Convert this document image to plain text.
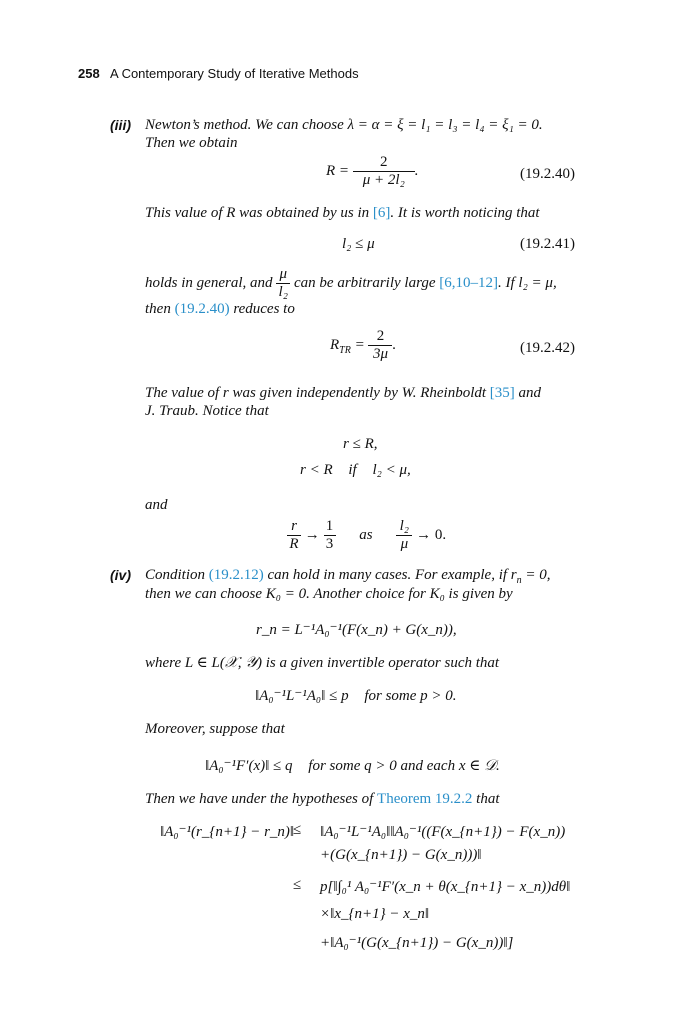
258 A Contemporary Study of Iterative Methods
(iii) Newton’s method. We can choose λ = α = ξ = l₁ = l₃ = l₄ = ξ₁ = 0.
Then we obtain
$R = \frac{2}{\text{μ + 2l₂}}$ .	(19.2.40)
This value of R was obtained by us in [6]. It is worth noticing that
l₂ ≤ μ	(19.2.41)
holds in general, and $\frac{\mu}{\text{l₂}}$ can be arbitrarily large [6,10–12]. If l₂ = μ,
then (19.2.40) reduces to
$R_{TR} = \frac{2}{3\mu}$ .	(19.2.42)
The value of r was given independently by W. Rheinboldt [35] and
J. Traub. Notice that
r ≤ R,
r < R if l₂ < μ,
and
$\frac{r}{R} \to \frac{1}{3}$ as $\frac{\text{l₂}}{\mu} \to 0$.
(iv) Condition (19.2.12) can hold in many cases. For example, if $r_n = 0$,
then we can choose K₀ = 0. Another choice for K₀ is given by
r_n = L⁻¹A₀⁻¹(F(x_n) + G(x_n)),
where L ∈ L(𝒳, 𝒴) is a given invertible operator such that
‖A₀⁻¹L⁻¹A₀‖ ≤ p for some p > 0.
Moreover, suppose that
‖A₀⁻¹F′(x)‖ ≤ q for some q > 0 and each x ∈ 𝒟.
Then we have under the hypotheses of Theorem 19.2.2 that
‖A₀⁻¹(r_{n+1} − r_n)‖
≤ ‖A₀⁻¹L⁻¹A₀‖‖A₀⁻¹((F(x_{n+1}) − F(x_n))
+(G(x_{n+1}) − G(x_n)))‖
≤ p[‖∫₀¹ A₀⁻¹F′(x_n + θ(x_{n+1} − x_n))dθ‖
×‖x_{n+1} − x_n‖
+‖A₀⁻¹(G(x_{n+1}) − G(x_n))‖]
